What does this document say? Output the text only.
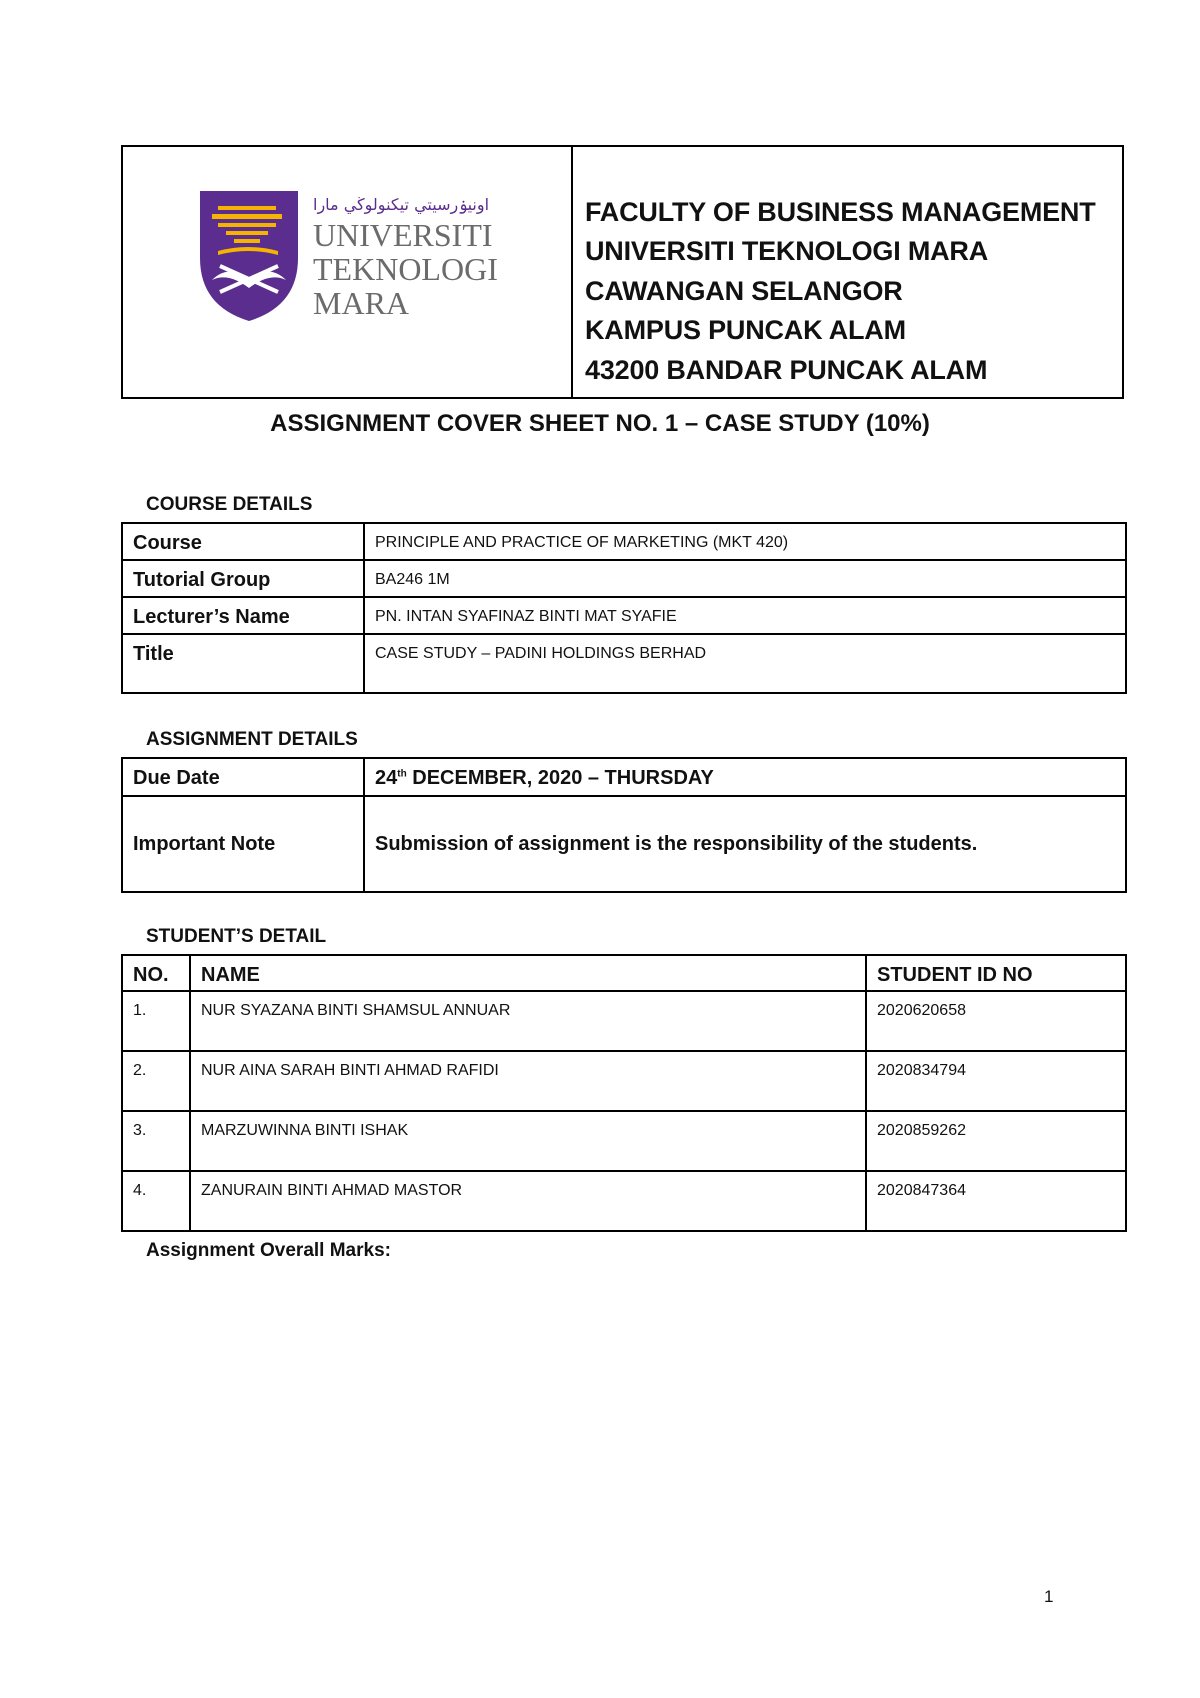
اونيۏرسيتي تيكنولوڬي مارا
UNIVERSITI
TEKNOLOGI
MARA
FACULTY OF BUSINESS MANAGEMENT
UNIVERSITI TEKNOLOGI MARA
CAWANGAN SELANGOR
KAMPUS PUNCAK ALAM
43200 BANDAR PUNCAK ALAM
ASSIGNMENT COVER SHEET NO. 1 – CASE STUDY (10%)
COURSE DETAILS
Course	PRINCIPLE AND PRACTICE OF MARKETING (MKT 420)
Tutorial Group	BA246 1M
Lecturer’s Name	PN. INTAN SYAFINAZ BINTI MAT SYAFIE
Title	CASE STUDY – PADINI HOLDINGS BERHAD
ASSIGNMENT DETAILS
Due Date	24th DECEMBER, 2020 – THURSDAY
Important Note	Submission of assignment is the responsibility of the students.
STUDENT’S DETAIL
NO.	NAME	STUDENT ID NO
1.	NUR SYAZANA BINTI SHAMSUL ANNUAR	2020620658
2.	NUR AINA SARAH BINTI AHMAD RAFIDI	2020834794
3.	MARZUWINNA BINTI ISHAK	2020859262
4.	ZANURAIN BINTI AHMAD MASTOR	2020847364
Assignment Overall Marks:
1
